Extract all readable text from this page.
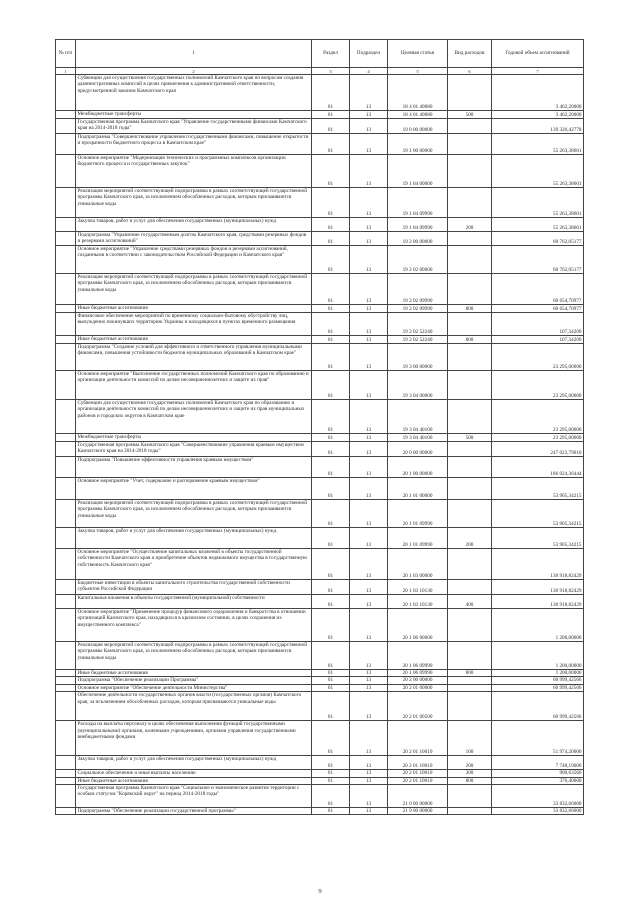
№ п/п	1	Раздел	Подраздел	Целевая статья	Вид расходов	Годовой объем ассигнований
1	2	3	4	5	6	7
	Субвенции для осуществления государственных полномочий Камчатского края по вопросам создания административных комиссий в целях привлечения к административной ответственности, предусмотренной законом Камчатского края	01	13	18 4 01 40080		3 462,20000
	Межбюджетные трансферты	01	13	18 4 01 40080	500	3 462,20000
	Государственная программа Камчатского края "Управление государственными финансами Камчатского края на 2014-2018 годы"	01	13	19 0 00 00000		139 320,42778
	Подпрограмма "Совершенствование управления государственными финансами, повышение открытости и прозрачности бюджетного процесса в Камчатском крае"	01	13	19 1 00 00000		55 263,38601
	Основное мероприятие "Модернизация технических и программных комплексов организации бюджетного процесса и государственных закупок"	01	13	19 1 04 00000		55 263,38601
	Реализация мероприятий соответствующей подпрограммы в рамках соответствующей государственной программы Камчатского края, за исключением обособленных расходов, которым присваиваются уникальные коды	01	13	19 1 04 09990		55 263,38601
	Закупка товаров, работ и услуг для обеспечения государственных (муниципальных) нужд	01	13	19 1 04 09990	200	55 263,38601
	Подпрограмма "Управление государственным долгом Камчатского края, средствами резервных фондов и резервами ассигнований"	01	13	19 2 00 00000		60 762,05177
	Основное мероприятие "Управление средствами резервных фондов и резервами ассигнований, созданными в соответствии с законодательством Российской Федерации и Камчатского края"	01	13	19 2 02 00000		60 762,05177
	Реализация мероприятий соответствующей подпрограммы в рамках соответствующей государственной программы Камчатского края, за исключением обособленных расходов, которым присваиваются уникальные коды	01	13	19 2 02 09990		60 654,70977
	Иные бюджетные ассигнования	01	13	19 2 02 09990	800	60 654,70977
	Финансовое обеспечение мероприятий по временному социально-бытовому обустройству лиц, вынужденно покинувших территорию Украины и находящихся в пунктах временного размещения	01	13	19 2 02 52240		107,34200
	Иные бюджетные ассигнования	01	13	19 2 02 52240	800	107,34200
	Подпрограмма "Создание условий для эффективного и ответственного управления муниципальными финансами, повышения устойчивости бюджетов муниципальных образований в Камчатском крае"	01	13	19 3 00 00000		23 295,00000
	Основное мероприятие "Выполнение государственных полномочий Камчатского края по образованию и организации деятельности комиссий по делам несовершеннолетних и защите их прав"	01	13	19 3 04 00000		23 295,00000
	Субвенции для осуществления государственных полномочий Камчатского края по образованию и организации деятельности комиссий по делам несовершеннолетних и защите их прав муниципальных районов и городских округов в Камчатском крае	01	13	19 3 04 40100		23 295,00000
	Межбюджетные трансферты	01	13	19 3 04 40100	500	23 295,00000
	Государственная программа Камчатского края "Совершенствование управления краевым имуществом Камчатского края на 2014-2018 годы"	01	13	20 0 00 00000		247 023,79010
	Подпрограмма "Повышение эффективности управления краевым имуществом"	01	13	20 1 00 00000		186 024,36444
	Основное мероприятие "Учет, содержание и распоряжение краевым имуществом"	01	13	20 1 01 00000		53 905,34215
	Реализация мероприятий соответствующей подпрограммы в рамках соответствующей государственной программы Камчатского края, за исключением обособленных расходов, которым присваиваются уникальные коды	01	13	20 1 01 09990		53 905,34215
	Закупка товаров, работ и услуг для обеспечения государственных (муниципальных) нужд	01	13	20 1 01 09990	200	53 905,34215
	Основное мероприятие "Осуществление капитальных вложений в объекты государственной собственности Камчатского края и приобретение объектов недвижимого имущества в государственную собственность Камчатского края"	01	13	20 1 03 00000		130 918,82429
	Бюджетные инвестиции в объекты капитального строительства государственной собственности субъектов Российской Федерации	01	13	20 1 03 10130		130 918,82429
	Капитальные вложения в объекты государственной (муниципальной) собственности	01	13	20 1 03 10130	400	130 918,82429
	Основное мероприятие "Применение процедур финансового оздоровления и банкротства в отношении организаций Камчатского края, находящихся в кризисном состоянии, в целях сохранения их имущественного комплекса"	01	13	20 1 06 00000		1 200,00000
	Реализация мероприятий соответствующей подпрограммы в рамках соответствующей государственной программы Камчатского края, за исключением обособленных расходов, которым присваиваются уникальные коды	01	13	20 1 06 09990		1 200,00000
	Иные бюджетные ассигнования	01	13	20 1 06 09990	800	1 200,00000
	Подпрограмма "Обеспечение реализации Программы"	01	13	20 2 00 00000		60 999,42566
	Основное мероприятие "Обеспечение деятельности Министерства"	01	13	20 2 01 00000		60 999,42566
	Обеспечение деятельности государственных органов власти (государственных органов) Камчатского края, за исключением обособленных расходов, которым присваиваются уникальные коды	01	13	20 2 01 00500		60 999,42566
	Расходы на выплаты персоналу в целях обеспечения выполнения функций государственными (муниципальными) органами, казенными учреждениями, органами управления государственными внебюджетными фондами	01	13	20 2 01 10010	100	51 974,20000
	Закупка товаров, работ и услуг для обеспечения государственных (муниципальных) нужд	01	13	20 2 01 10010	200	7 748,19000
	Социальное обеспечение и иные выплаты населению	01	13	20 2 01 10010	300	900,63566
	Иные бюджетные ассигнования	01	13	20 2 01 10010	800	376,40000
	Государственная программа Камчатского края "Социальное и экономическое развитие территории с особым статусом "Корякский округ" на период 2014-2018 годы"	01	13	21 0 00 00000		33 832,66000
	Подпрограмма "Обеспечение реализации государственной программы"	01	13	21 9 00 00000		33 832,66000
9
